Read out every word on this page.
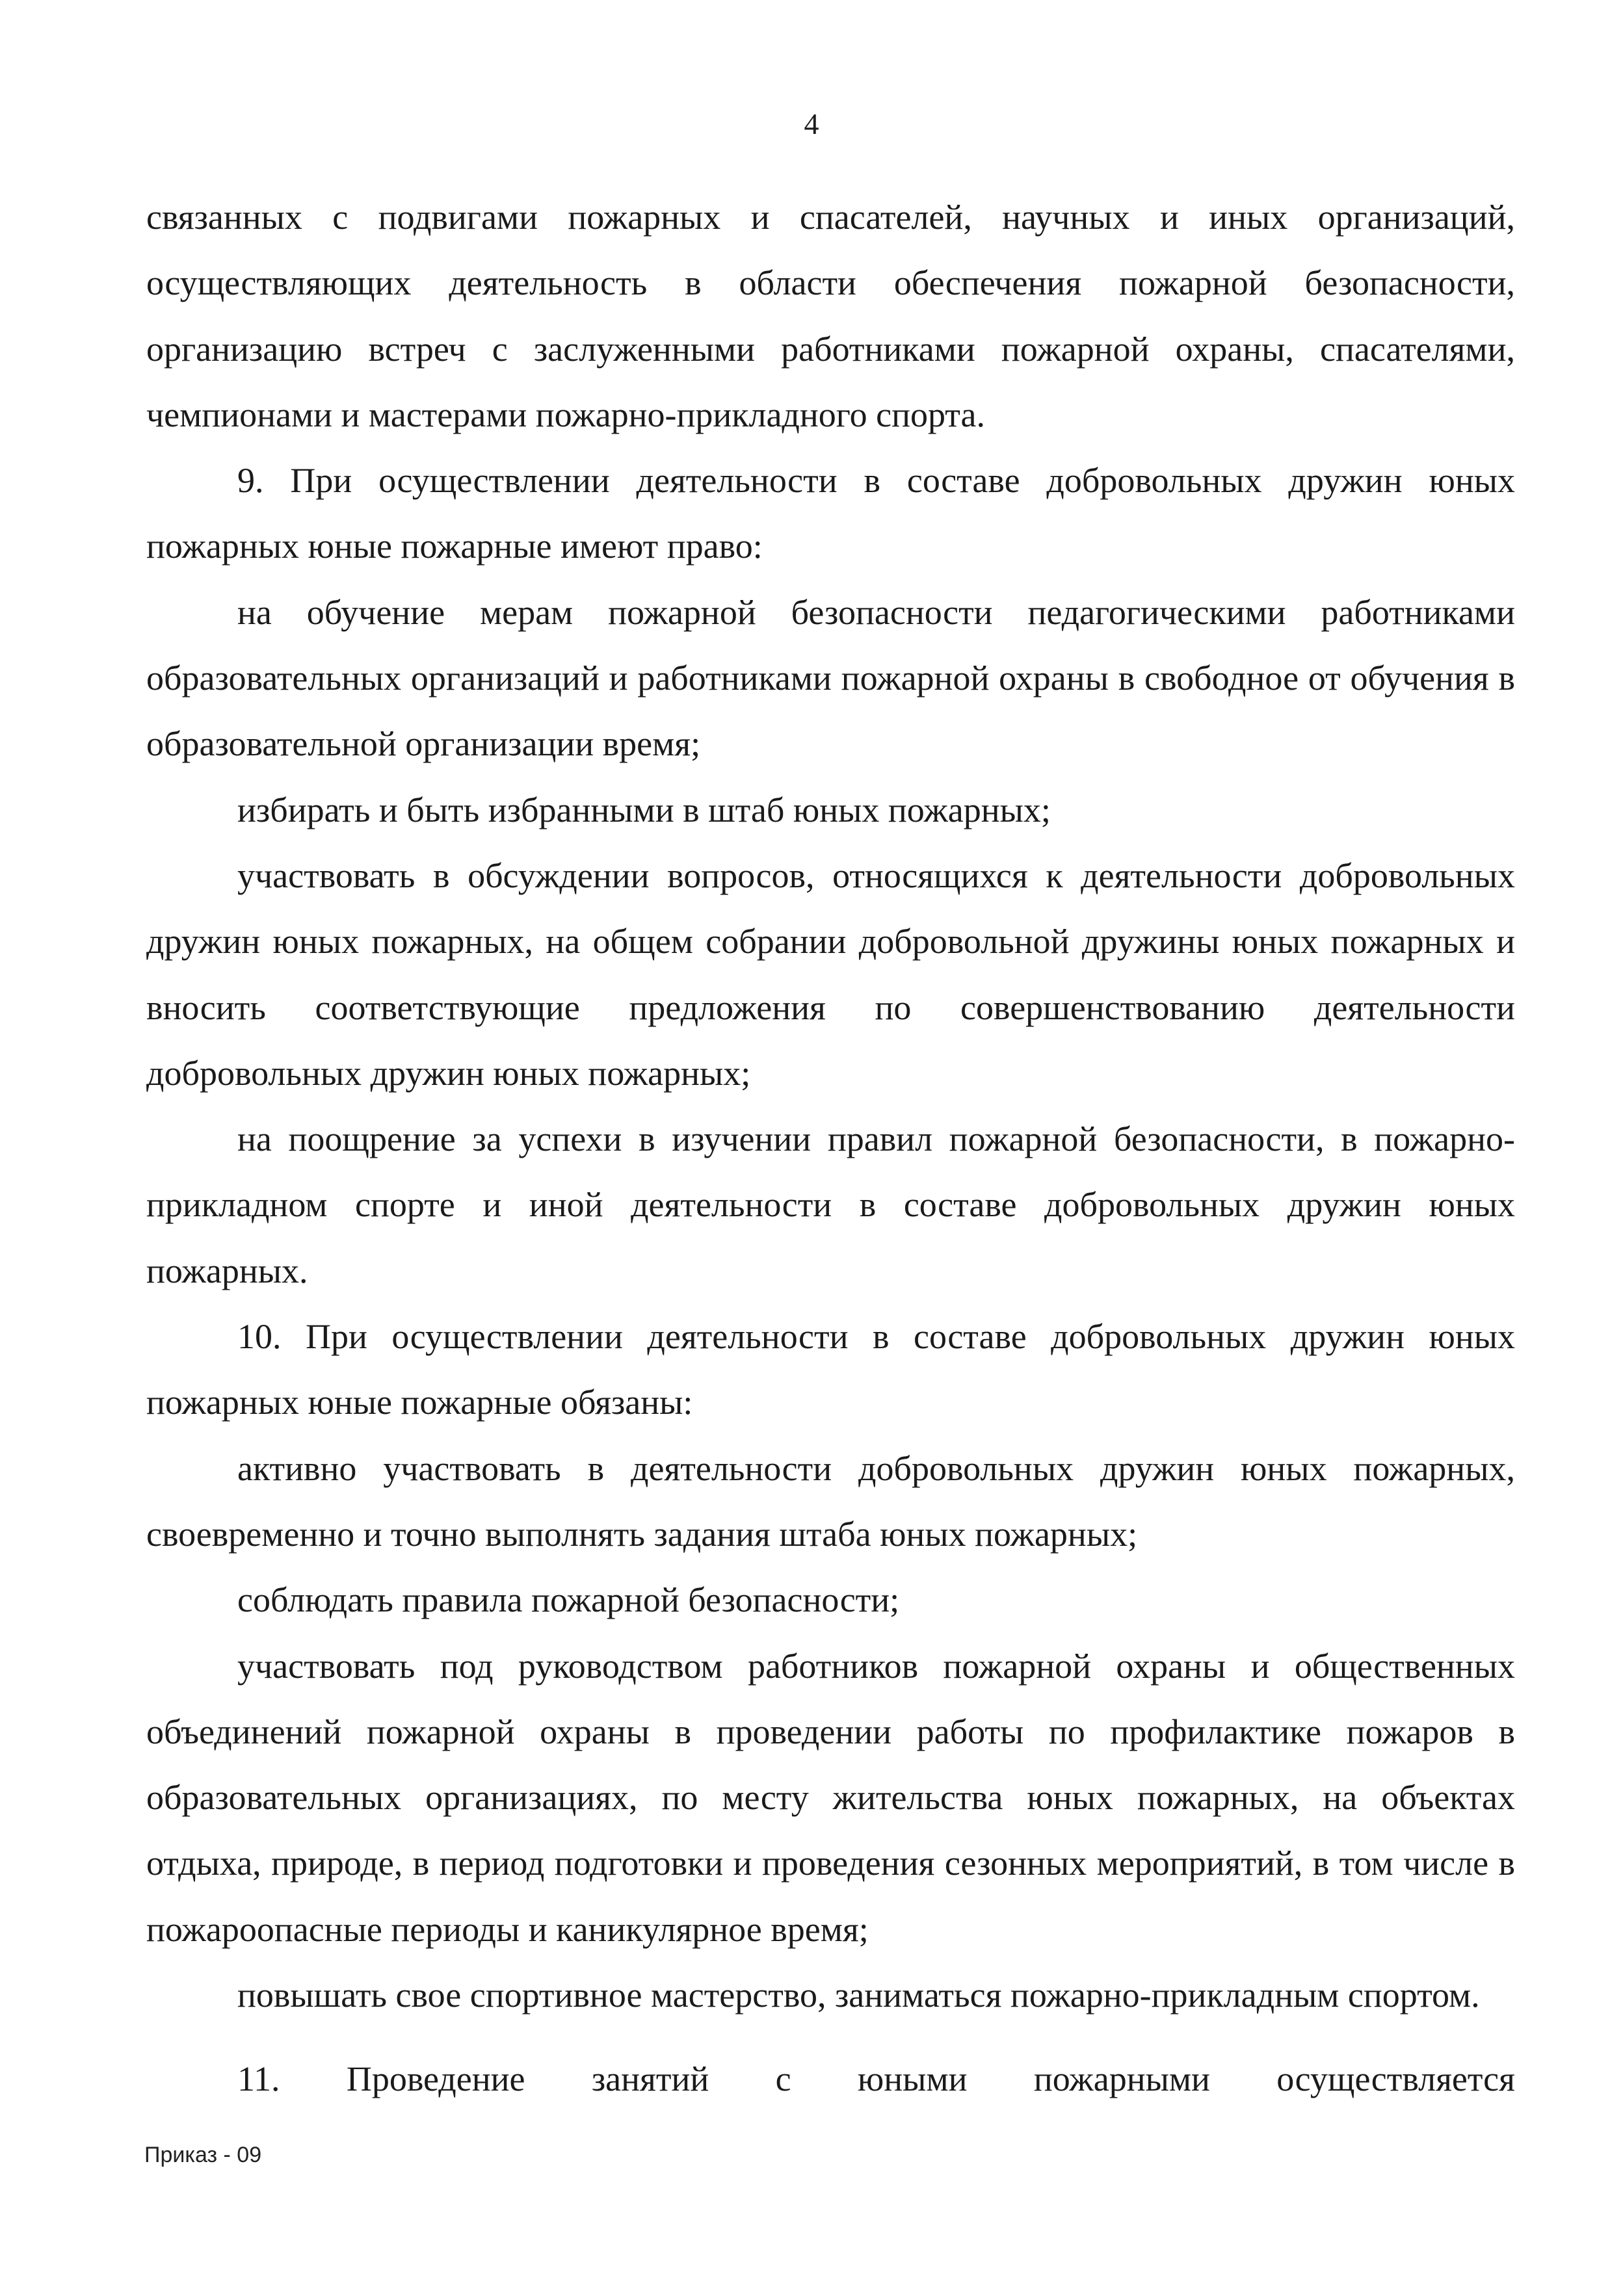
4

связанных с подвигами пожарных и спасателей, научных и иных организаций, осуществляющих деятельность в области обеспечения пожарной безопасности, организацию встреч с заслуженными работниками пожарной охраны, спасателями, чемпионами и мастерами пожарно-прикладного спорта.

9. При осуществлении деятельности в составе добровольных дружин юных пожарных юные пожарные имеют право:

на обучение мерам пожарной безопасности педагогическими работниками образовательных организаций и работниками пожарной охраны в свободное от обучения в образовательной организации время;

избирать и быть избранными в штаб юных пожарных;

участвовать в обсуждении вопросов, относящихся к деятельности добровольных дружин юных пожарных, на общем собрании добровольной дружины юных пожарных и вносить соответствующие предложения по совершенствованию деятельности добровольных дружин юных пожарных;

на поощрение за успехи в изучении правил пожарной безопасности, в пожарно-прикладном спорте и иной деятельности в составе добровольных дружин юных пожарных.

10. При осуществлении деятельности в составе добровольных дружин юных пожарных юные пожарные обязаны:

активно участвовать в деятельности добровольных дружин юных пожарных, своевременно и точно выполнять задания штаба юных пожарных;

соблюдать правила пожарной безопасности;

участвовать под руководством работников пожарной охраны и общественных объединений пожарной охраны в проведении работы по профилактике пожаров в образовательных организациях, по месту жительства юных пожарных, на объектах отдыха, природе, в период подготовки и проведения сезонных мероприятий, в том числе в пожароопасные периоды и каникулярное время;

повышать свое спортивное мастерство, заниматься пожарно-прикладным спортом.

11. Проведение занятий с юными пожарными осуществляется
Приказ - 09
